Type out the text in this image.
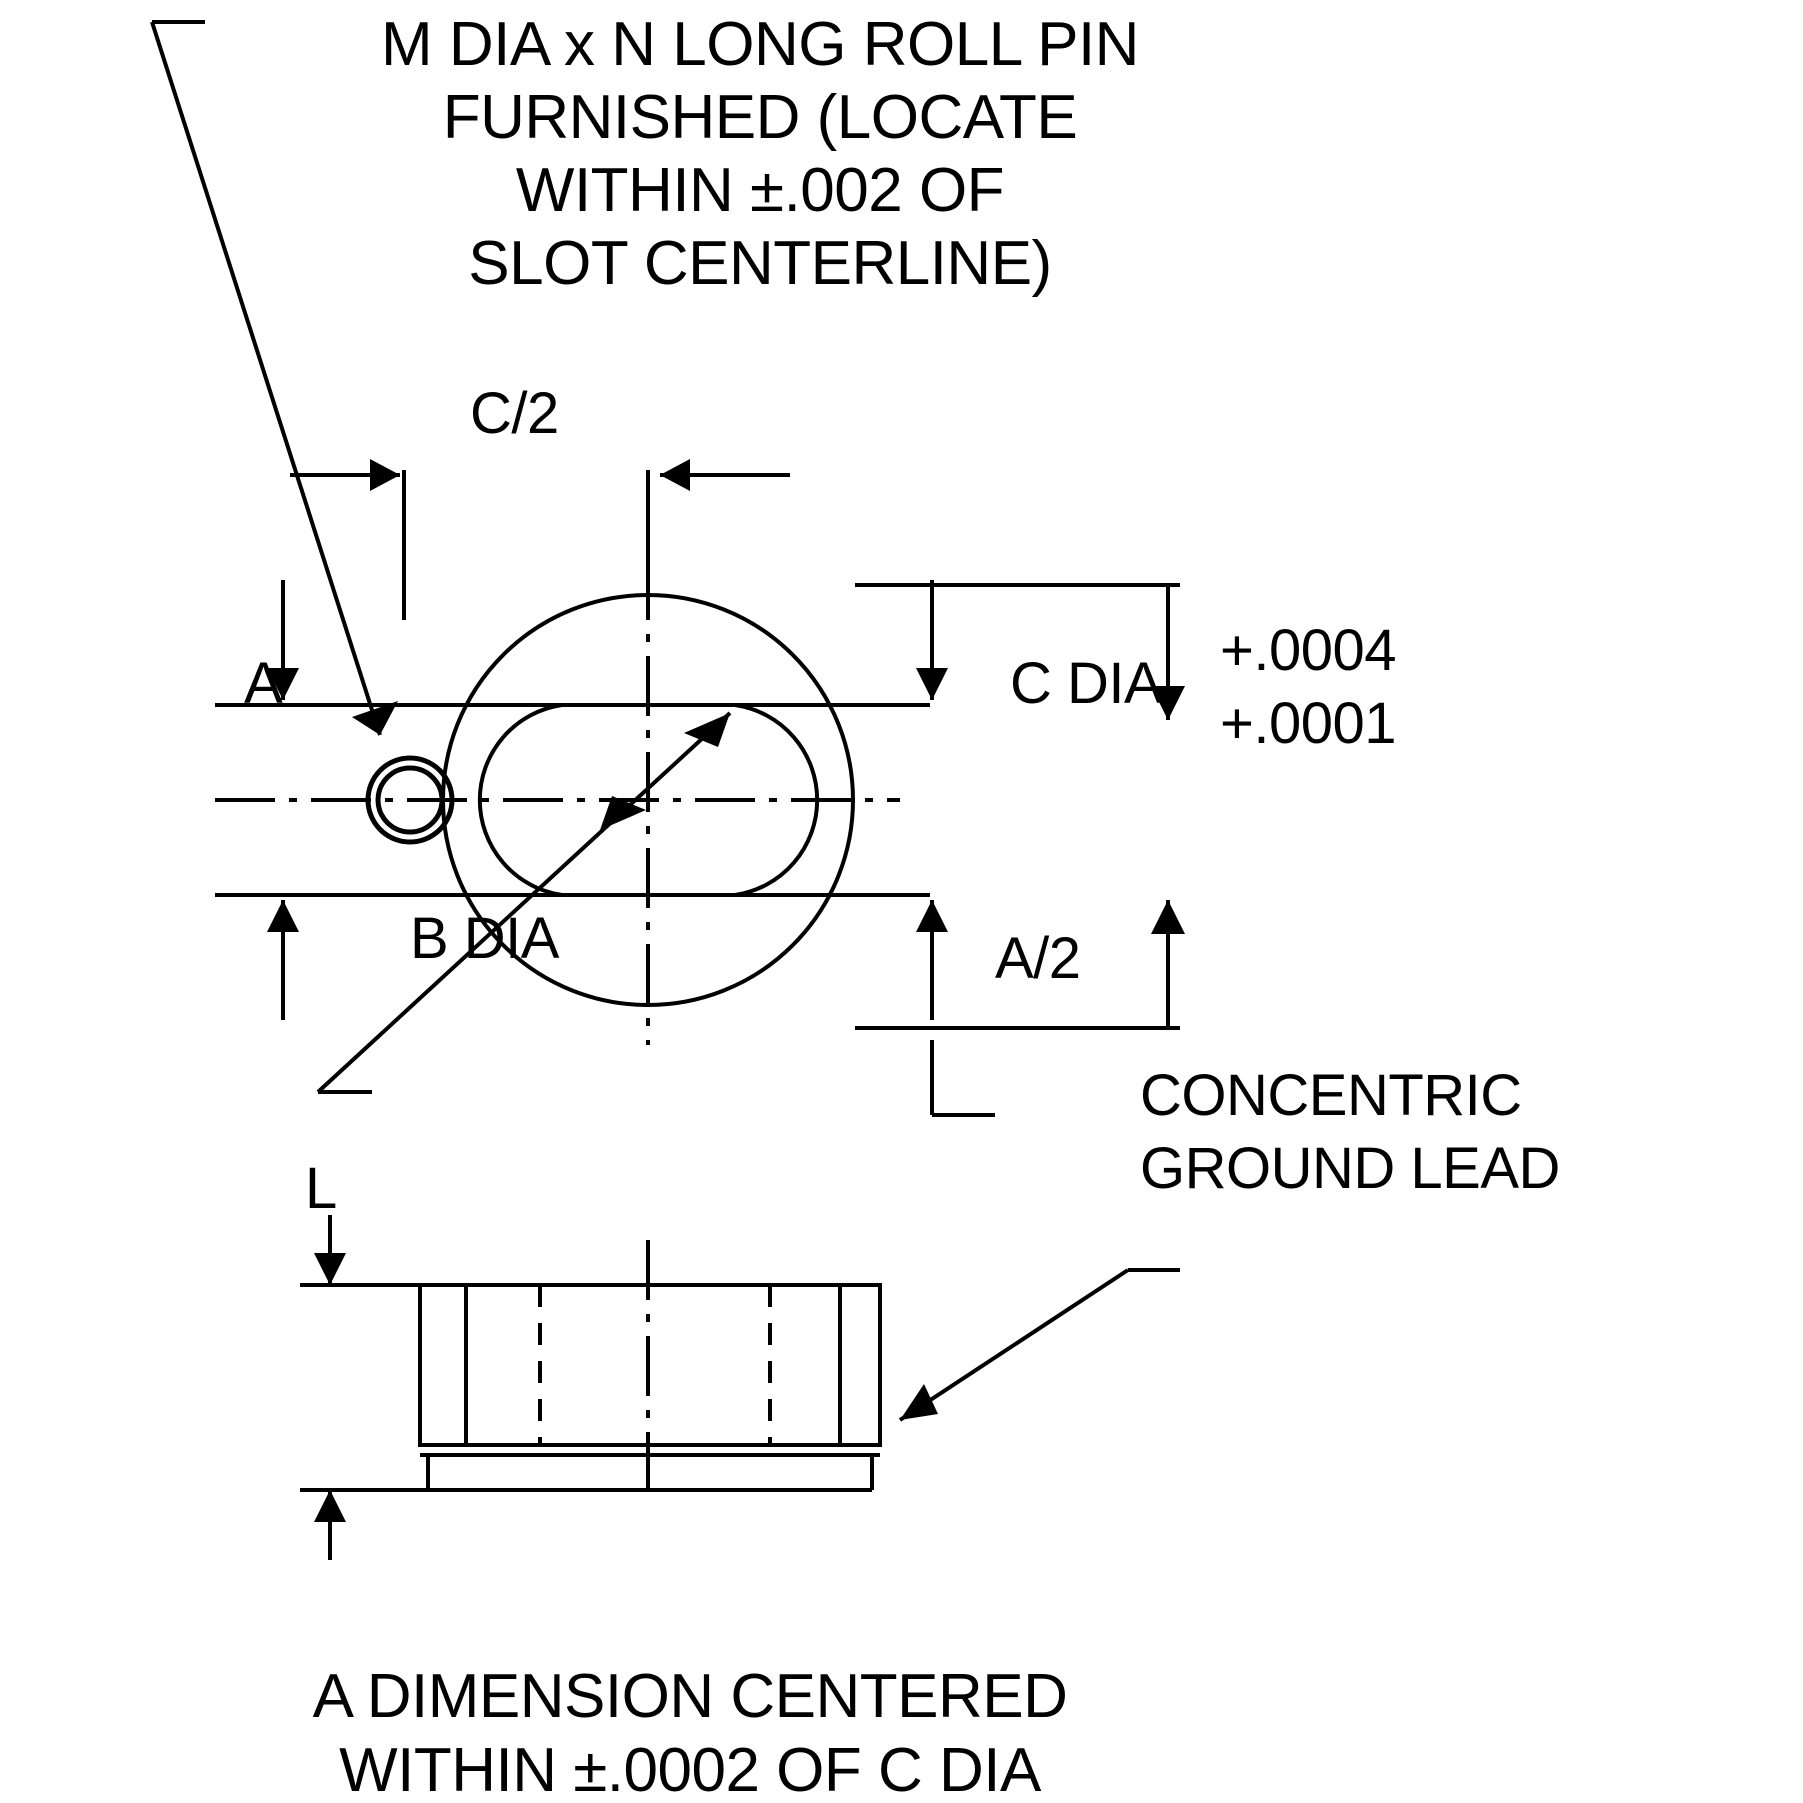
M DIA x N LONG ROLL PIN
FURNISHED (LOCATE
WITHIN ±.002 OF
SLOT CENTERLINE)
C/2
A	C DIA
+.0004
+.0001
B DIA	A/2
L
CONCENTRIC
GROUND LEAD
A DIMENSION CENTERED
WITHIN ±.0002 OF C DIA
